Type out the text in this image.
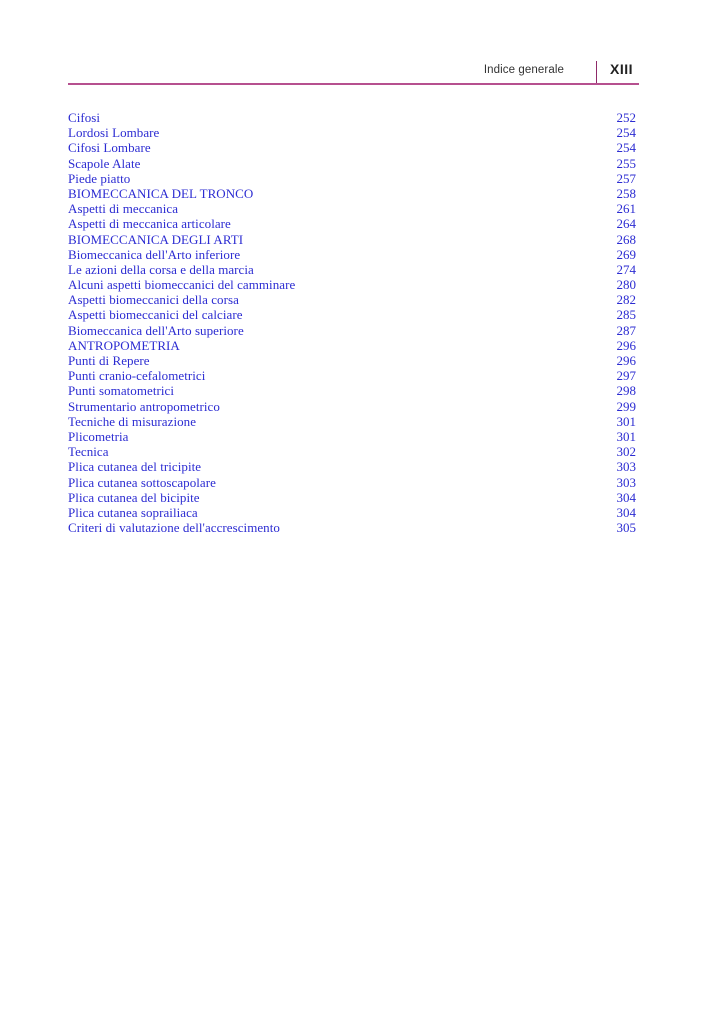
Indice generale	XIII
Cifosi	252
Lordosi Lombare	254
Cifosi Lombare	254
Scapole Alate	255
Piede piatto	257
BIOMECCANICA DEL TRONCO	258
Aspetti di meccanica	261
Aspetti di meccanica articolare	264
BIOMECCANICA DEGLI ARTI	268
Biomeccanica dell'Arto inferiore	269
Le azioni della corsa e della marcia	274
Alcuni aspetti biomeccanici del camminare	280
Aspetti biomeccanici della corsa	282
Aspetti biomeccanici del calciare	285
Biomeccanica dell'Arto superiore	287
ANTROPOMETRIA	296
Punti di Repere	296
Punti cranio-cefalometrici	297
Punti somatometrici	298
Strumentario antropometrico	299
Tecniche di misurazione	301
Plicometria	301
Tecnica	302
Plica cutanea del tricipite	303
Plica cutanea sottoscapolare	303
Plica cutanea del bicipite	304
Plica cutanea soprailiaca	304
Criteri di valutazione dell'accrescimento	305
